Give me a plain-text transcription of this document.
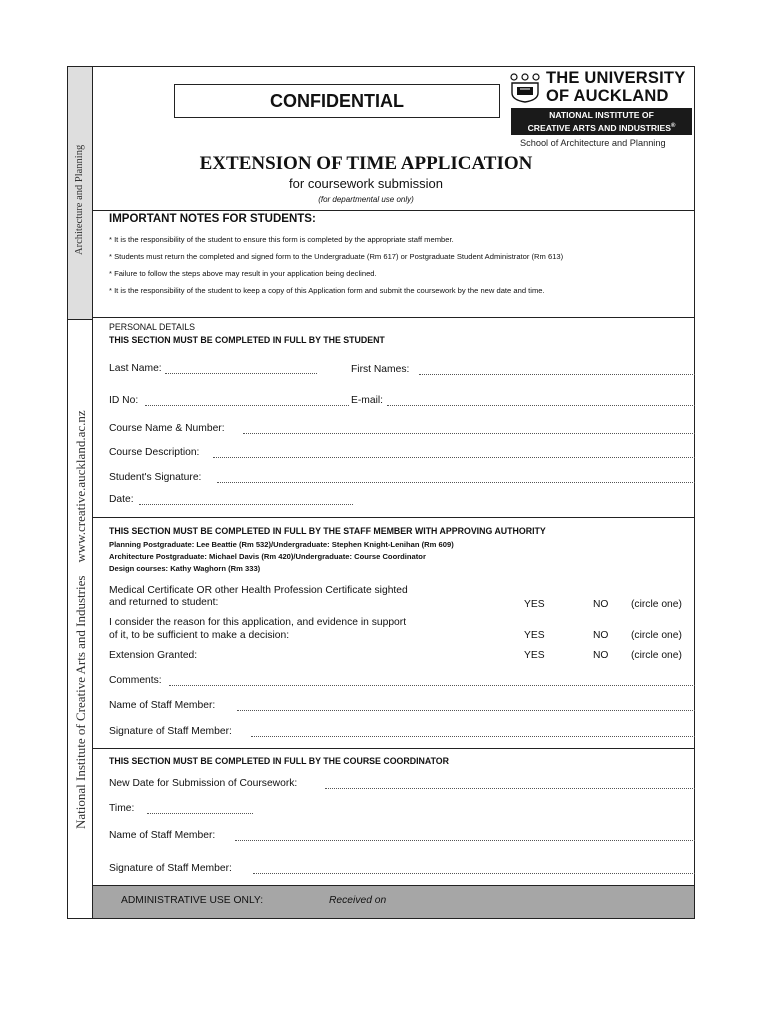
Architecture and Planning
National Institute of Creative Arts and Industries    www.creative.auckland.ac.nz
CONFIDENTIAL
THE UNIVERSITY
OF AUCKLAND
NATIONAL INSTITUTE OF
CREATIVE ARTS AND INDUSTRIES®
School of Architecture and Planning
EXTENSION OF TIME APPLICATION
for coursework submission
(for departmental use only)
IMPORTANT NOTES FOR STUDENTS:
* It is the responsibility of the student to ensure this form is completed by the appropriate staff member.
* Students must return the completed and signed form to the Undergraduate (Rm 617) or Postgraduate Student Administrator (Rm 613)
* Failure to follow the steps above may result in your application being declined.
* It is the responsibility of the student to keep a copy of this Application form and submit the coursework by the new date and time.
PERSONAL DETAILS
THIS SECTION MUST BE COMPLETED IN FULL BY THE STUDENT
Last Name:	First Names:
ID No:	E-mail:
Course Name & Number:
Course Description:
Student's Signature:
Date:
THIS SECTION MUST BE COMPLETED IN FULL BY THE STAFF MEMBER WITH APPROVING AUTHORITY
Planning Postgraduate: Lee Beattie (Rm 532)/Undergraduate: Stephen Knight-Lenihan (Rm 609)
Architecture Postgraduate: Michael Davis (Rm 420)/Undergraduate: Course Coordinator
Design courses: Kathy Waghorn (Rm 333)
Medical Certificate OR other Health Profession Certificate sighted
and returned to student:	YES	NO (circle one)
I consider the reason for this application, and evidence in support
of it, to be sufficient to make a decision:	YES	NO (circle one)
Extension Granted:	YES	NO (circle one)
Comments:
Name of Staff Member:
Signature of Staff Member:
THIS SECTION MUST BE COMPLETED IN FULL BY THE COURSE COORDINATOR
New Date for Submission of Coursework:
Time:
Name of Staff Member:
Signature of Staff Member:
ADMINISTRATIVE USE ONLY:	Received on
